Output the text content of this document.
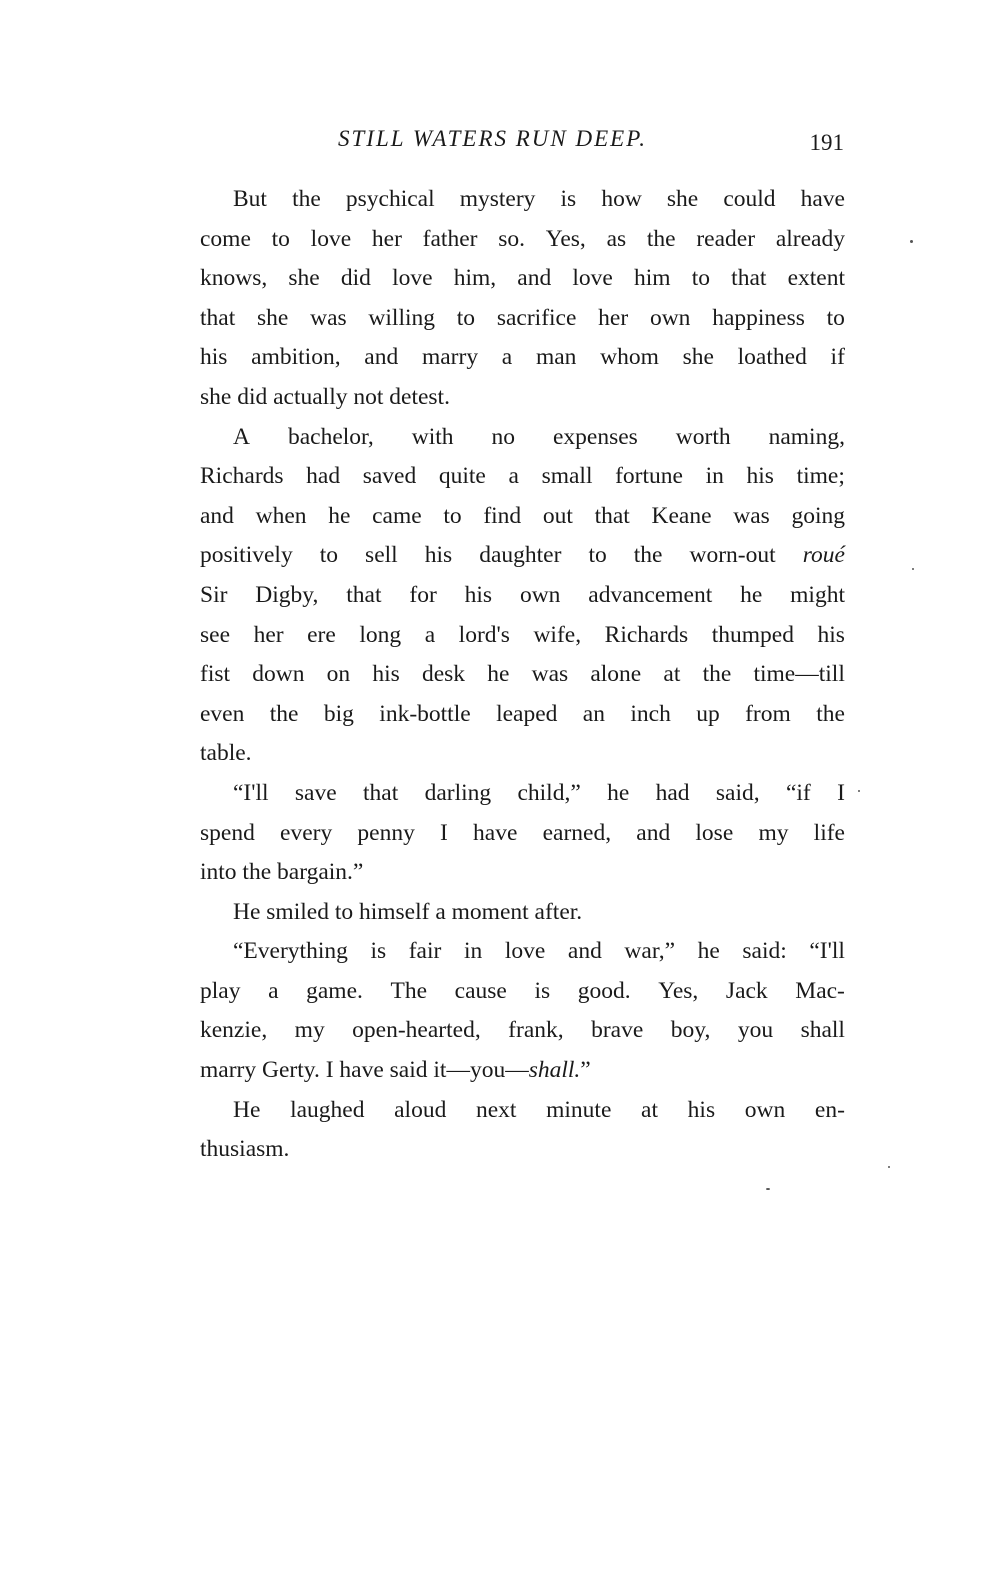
STILL WATERS RUN DEEP.	191
But the psychical mystery is how she could have
come to love her father so. Yes, as the reader already
knows, she did love him, and love him to that extent
that she was willing to sacrifice her own happiness to
his ambition, and marry a man whom she loathed if
she did actually not detest.
A bachelor, with no expenses worth naming,
Richards had saved quite a small fortune in his time;
and when he came to find out that Keane was going
positively to sell his daughter to the worn-out roué
Sir Digby, that for his own advancement he might
see her ere long a lord's wife, Richards thumped his
fist down on his desk he was alone at the time—till
even the big ink-bottle leaped an inch up from the
table.
“I'll save that darling child,” he had said, “if I
spend every penny I have earned, and lose my life
into the bargain.”
He smiled to himself a moment after.
“Everything is fair in love and war,” he said: “I'll
play a game. The cause is good. Yes, Jack Mac-
kenzie, my open-hearted, frank, brave boy, you shall
marry Gerty. I have said it—you— shall. ”
He laughed aloud next minute at his own en-
thusiasm.
